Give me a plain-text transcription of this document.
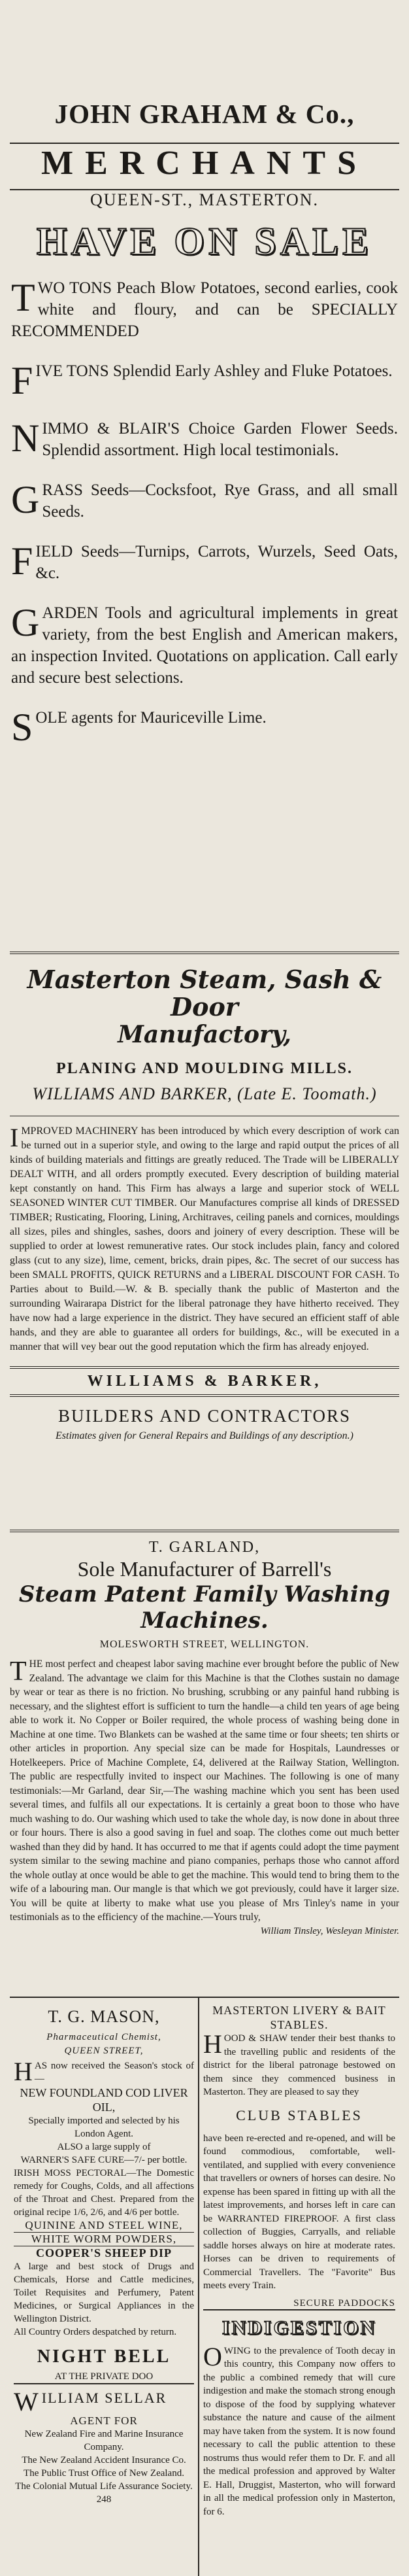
JOHN GRAHAM & Co.,

MERCHANTS

QUEEN-ST., MASTERTON.

HAVE ON SALE

T WO TONS Peach Blow Potatoes, second earlies, cook white and floury, and can be SPECIALLY RECOMMENDED
F IVE TONS Splendid Early Ashley and Fluke Potatoes.
N IMMO & BLAIR'S Choice Garden Flower Seeds. Splendid assortment. High local testimonials.
G RASS Seeds—Cocksfoot, Rye Grass, and all small Seeds.
F IELD Seeds—Turnips, Carrots, Wurzels, Seed Oats, &c.
G ARDEN Tools and agricultural implements in great variety, from the best English and American makers, an inspection Invited. Quotations on application. Call early and secure best selections.
S OLE agents for Mauriceville Lime.

Masterton Steam, Sash & Door

Manufactory,

PLANING AND MOULDING MILLS.

WILLIAMS AND BARKER, (Late E. Toomath.)

I MPROVED MACHINERY has been introduced by which every description of work can be turned out in a superior style, and owing to the large and rapid output the prices of all kinds of building materials and fittings are greatly reduced. The Trade will be LIBERALLY DEALT WITH, and all orders promptly executed. Every description of building material kept constantly on hand. This Firm has always a large and superior stock of WELL SEASONED WINTER CUT TIMBER. Our Manufactures comprise all kinds of DRESSED TIMBER; Rusticating, Flooring, Lining, Architraves, ceiling panels and cornices, mouldings all sizes, piles and shingles, sashes, doors and joinery of every description. These will be supplied to order at lowest remunerative rates. Our stock includes plain, fancy and colored glass (cut to any size), lime, cement, bricks, drain pipes, &c. The secret of our success has been SMALL PROFITS, QUICK RETURNS and a LIBERAL DISCOUNT FOR CASH. To Parties about to Build.—W. & B. specially thank the public of Masterton and the surrounding Wairarapa District for the liberal patronage they have hitherto received. They have now had a large experience in the district. They have secured an efficient staff of able hands, and they are able to guarantee all orders for buildings, &c., will be executed in a manner that will vey bear out the good reputation which the firm has already enjoyed.

WILLIAMS & BARKER,

BUILDERS AND CONTRACTORS

Estimates given for General Repairs and Buildings of any description.)

T. GARLAND,

Sole Manufacturer of Barrell's

Steam Patent Family Washing

Machines.

MOLESWORTH STREET, WELLINGTON.

T HE most perfect and cheapest labor saving machine ever brought before the public of New Zealand. The advantage we claim for this Machine is that the Clothes sustain no damage by wear or tear as there is no friction. No brushing, scrubbing or any painful hand rubbing is necessary, and the slightest effort is sufficient to turn the handle—a child ten years of age being able to work it. No Copper or Boiler required, the whole process of washing being done in Machine at one time. Two Blankets can be washed at the same time or four sheets; ten shirts or other articles in proportion. Any special size can be made for Hospitals, Laundresses or Hotelkeepers. Price of Machine Complete, £4, delivered at the Railway Station, Wellington. The public are respectfully invited to inspect our Machines. The following is one of many testimonials:—Mr Garland, dear Sir,—The washing machine which you sent has been used several times, and fulfils all our expectations. It is certainly a great boon to those who have much washing to do. Our washing which used to take the whole day, is now done in about three or four hours. There is also a good saving in fuel and soap. The clothes come out much better washed than they did by hand. It has occurred to me that if agents could adopt the time payment system similar to the sewing machine and piano companies, perhaps those who cannot afford the whole outlay at once would be able to get the machine. This would tend to bring them to the wife of a labouring man. Our mangle is that which we got previously, could have it larger size. You will be quite at liberty to make what use you please of Mrs Tinley's name in your testimonials as to the efficiency of the machine.—Yours truly,

William Tinsley, Wesleyan Minister.

T. G. MASON,

Pharmaceutical Chemist,

QUEEN STREET,

H AS now received the Season's stock of—

NEW FOUNDLAND COD LIVER OIL,

Specially imported and selected by his London Agent.

ALSO a large supply of

WARNER'S SAFE CURE—7/- per bottle.

IRISH MOSS PECTORAL—The Domestic remedy for Coughs, Colds, and all affections of the Throat and Chest. Prepared from the original recipe 1/6, 2/6, and 4/6 per bottle.

QUININE AND STEEL WINE,

WHITE WORM POWDERS,

COOPER'S SHEEP DIP

A large and best stock of Drugs and Chemicals, Horse and Cattle medicines, Toilet Requisites and Perfumery, Patent Medicines, or Surgical Appliances in the Wellington District.

All Country Orders despatched by return.

NIGHT BELL

AT THE PRIVATE DOO

W ILLIAM SELLAR

AGENT FOR

New Zealand Fire and Marine Insurance Company.

The New Zealand Accident Insurance Co.

The Public Trust Office of New Zealand.

The Colonial Mutual Life Assurance Society. 248

MASTERTON LIVERY & BAIT STABLES.

H OOD & SHAW tender their best thanks to the travelling public and residents of the district for the liberal patronage bestowed on them since they commenced business in Masterton. They are pleased to say they

CLUB STABLES

have been re-erected and re-opened, and will be found commodious, comfortable, well-ventilated, and supplied with every convenience that travellers or owners of horses can desire. No expense has been spared in fitting up with all the latest improvements, and horses left in care can be WARRANTED FIREPROOF. A first class collection of Buggies, Carryalls, and reliable saddle horses always on hire at moderate rates. Horses can be driven to requirements of Commercial Travellers. The "Favorite" Bus meets every Train.

SECURE PADDOCKS

INDIGESTION

O WING to the prevalence of Tooth decay in this country, this Company now offers to the public a combined remedy that will cure indigestion and make the stomach strong enough to dispose of the food by supplying whatever substance the nature and cause of the ailment may have taken from the system. It is now found necessary to call the public attention to these nostrums thus would refer them to Dr. F. and all the medical profession and approved by Walter E. Hall, Druggist, Masterton, who will forward in all the medical profession only in Masterton, for 6.
